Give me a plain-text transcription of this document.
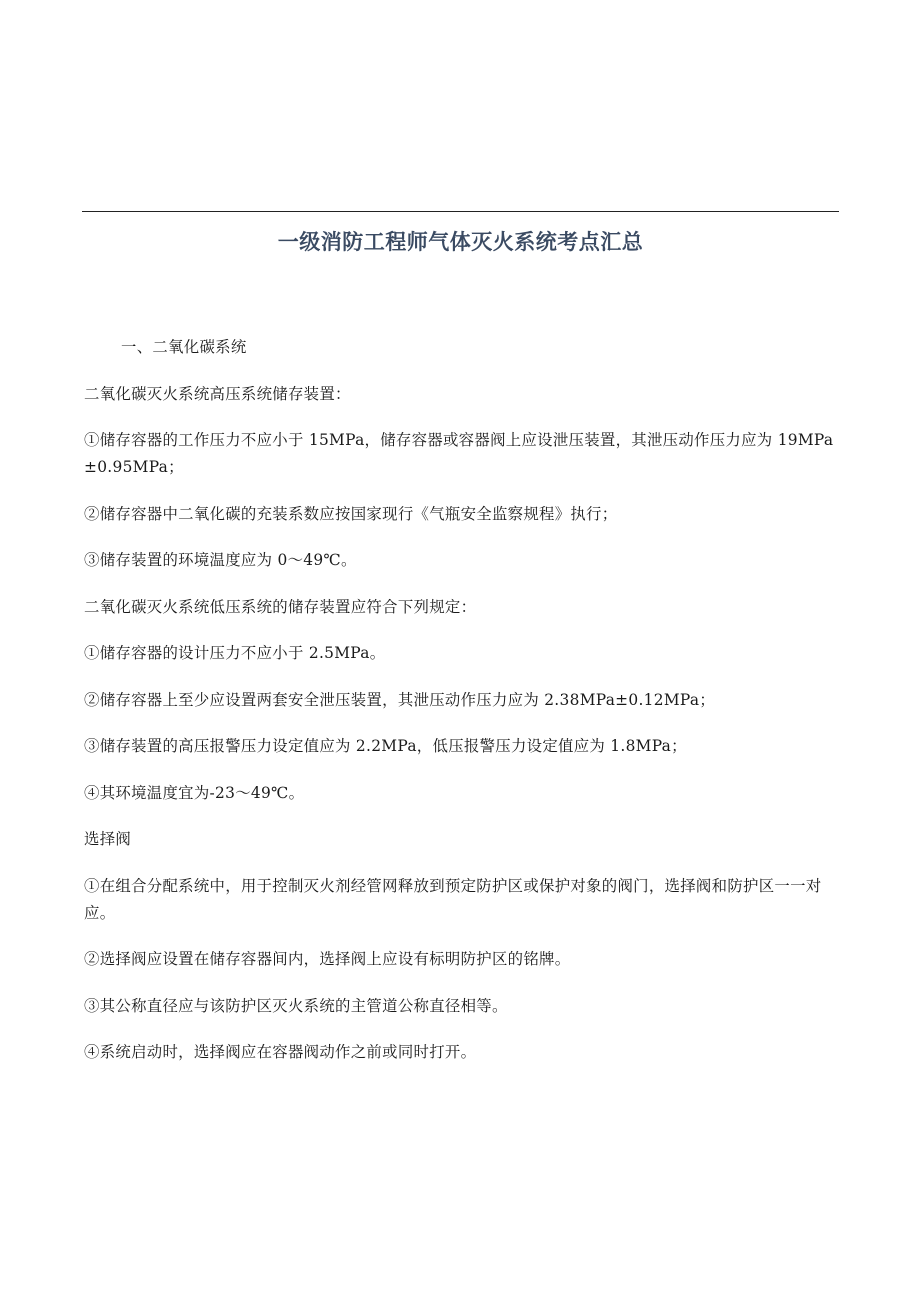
一级消防工程师气体灭火系统考点汇总

一、二氧化碳系统

二氧化碳灭火系统高压系统储存装置：

①储存容器的工作压力不应小于 15MPa，储存容器或容器阀上应设泄压装置，其泄压动作压力应为 19MPa±0.95MPa；

②储存容器中二氧化碳的充装系数应按国家现行《气瓶安全监察规程》执行；

③储存装置的环境温度应为 0～49℃。

二氧化碳灭火系统低压系统的储存装置应符合下列规定：

①储存容器的设计压力不应小于 2.5MPa。

②储存容器上至少应设置两套安全泄压装置，其泄压动作压力应为 2.38MPa±0.12MPa；

③储存装置的高压报警压力设定值应为 2.2MPa，低压报警压力设定值应为 1.8MPa；

④其环境温度宜为-23～49℃。

选择阀

①在组合分配系统中，用于控制灭火剂经管网释放到预定防护区或保护对象的阀门，选择阀和防护区一一对应。

②选择阀应设置在储存容器间内，选择阀上应设有标明防护区的铭牌。

③其公称直径应与该防护区灭火系统的主管道公称直径相等。

④系统启动时，选择阀应在容器阀动作之前或同时打开。
